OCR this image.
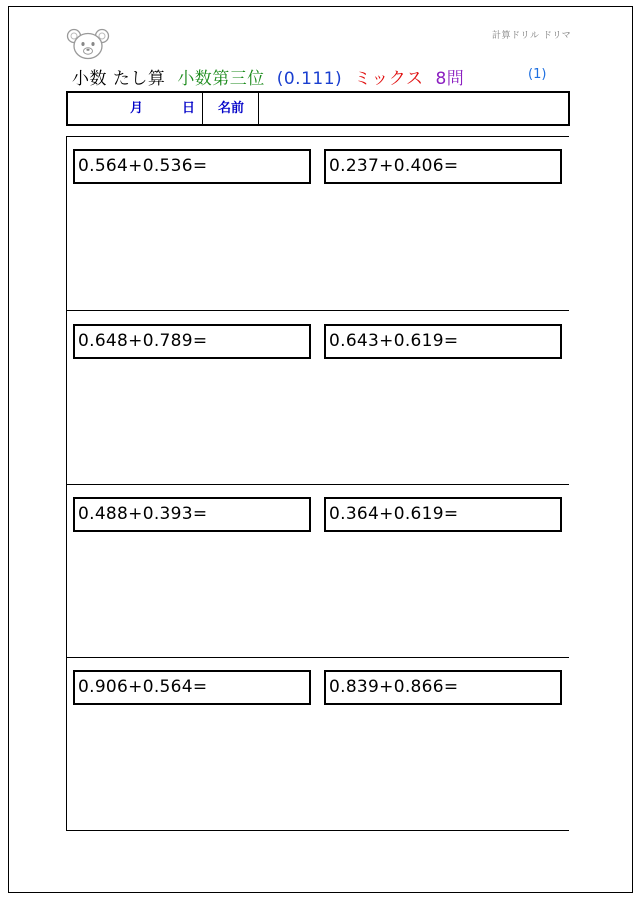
計算ドリル ドリマ
小数 たし算 小数第三位 (0.111) ミックス 8問	(1)
月	日 名前
0.564+0.536=	0.237+0.406=
0.648+0.789=	0.643+0.619=
0.488+0.393=	0.364+0.619=
0.906+0.564=	0.839+0.866=
